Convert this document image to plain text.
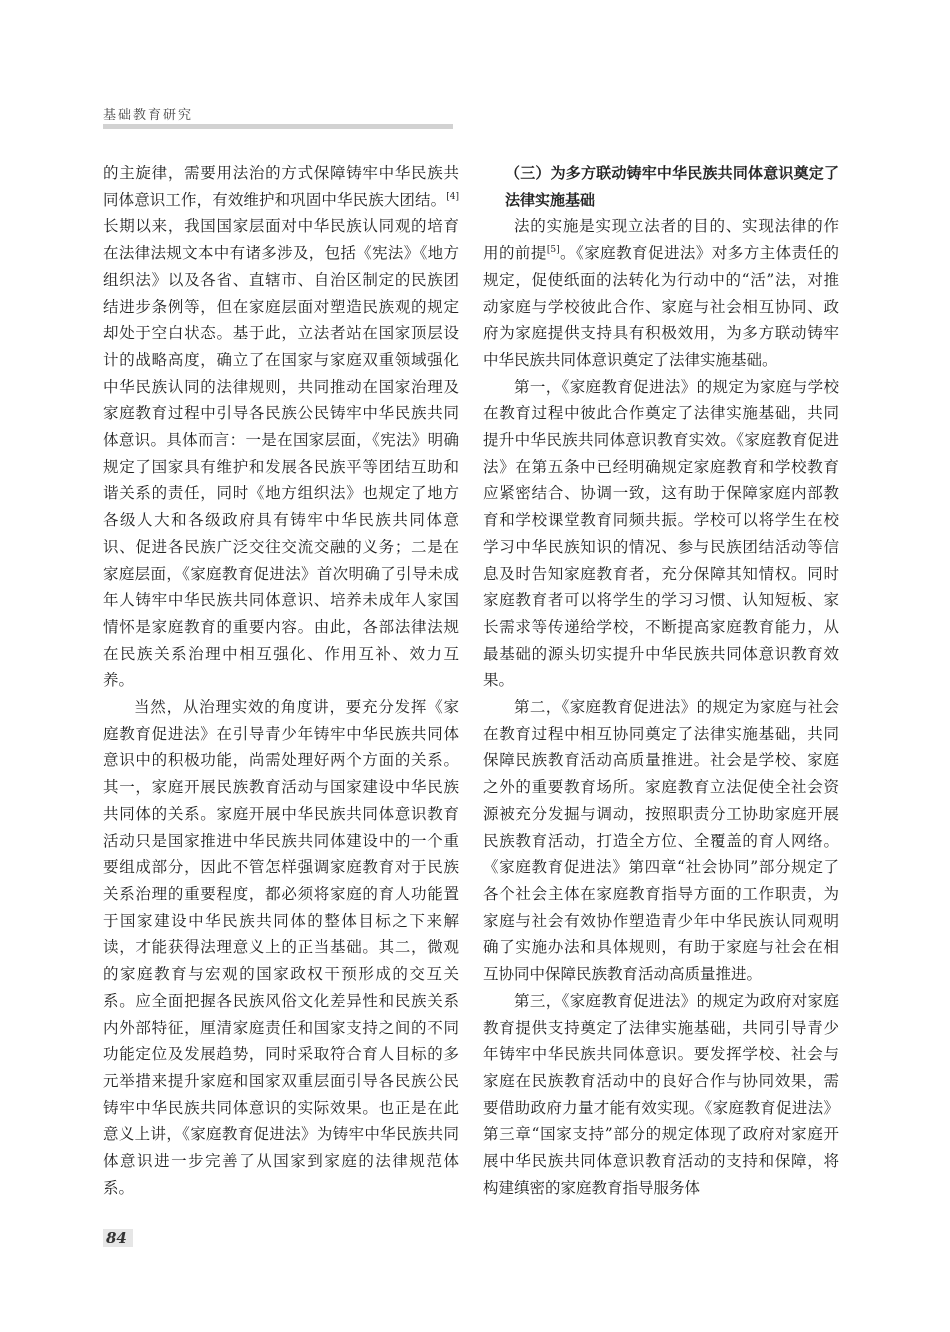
基础教育研究

的主旋律，需要用法治的方式保障铸牢中华民族共同体意识工作，有效维护和巩固中华民族大团结。[4]长期以来，我国国家层面对中华民族认同观的培育在法律法规文本中有诸多涉及，包括《宪法》《地方组织法》以及各省、直辖市、自治区制定的民族团结进步条例等，但在家庭层面对塑造民族观的规定却处于空白状态。基于此，立法者站在国家顶层设计的战略高度，确立了在国家与家庭双重领域强化中华民族认同的法律规则，共同推动在国家治理及家庭教育过程中引导各民族公民铸牢中华民族共同体意识。具体而言：一是在国家层面，《宪法》明确规定了国家具有维护和发展各民族平等团结互助和谐关系的责任，同时《地方组织法》也规定了地方各级人大和各级政府具有铸牢中华民族共同体意识、促进各民族广泛交往交流交融的义务；二是在家庭层面，《家庭教育促进法》首次明确了引导未成年人铸牢中华民族共同体意识、培养未成年人家国情怀是家庭教育的重要内容。由此，各部法律法规在民族关系治理中相互强化、作用互补、效力互养。

当然，从治理实效的角度讲，要充分发挥《家庭教育促进法》在引导青少年铸牢中华民族共同体意识中的积极功能，尚需处理好两个方面的关系。其一，家庭开展民族教育活动与国家建设中华民族共同体的关系。家庭开展中华民族共同体意识教育活动只是国家推进中华民族共同体建设中的一个重要组成部分，因此不管怎样强调家庭教育对于民族关系治理的重要程度，都必须将家庭的育人功能置于国家建设中华民族共同体的整体目标之下来解读，才能获得法理意义上的正当基础。其二，微观的家庭教育与宏观的国家政权干预形成的交互关系。应全面把握各民族风俗文化差异性和民族关系内外部特征，厘清家庭责任和国家支持之间的不同功能定位及发展趋势，同时采取符合育人目标的多元举措来提升家庭和国家双重层面引导各民族公民铸牢中华民族共同体意识的实际效果。也正是在此意义上讲，《家庭教育促进法》为铸牢中华民族共同体意识进一步完善了从国家到家庭的法律规范体系。

（三）为多方联动铸牢中华民族共同体意识奠定了法律实施基础

法的实施是实现立法者的目的、实现法律的作用的前提[5]。《家庭教育促进法》对多方主体责任的规定，促使纸面的法转化为行动中的“活”法，对推动家庭与学校彼此合作、家庭与社会相互协同、政府为家庭提供支持具有积极效用，为多方联动铸牢中华民族共同体意识奠定了法律实施基础。

第一，《家庭教育促进法》的规定为家庭与学校在教育过程中彼此合作奠定了法律实施基础，共同提升中华民族共同体意识教育实效。《家庭教育促进法》在第五条中已经明确规定家庭教育和学校教育应紧密结合、协调一致，这有助于保障家庭内部教育和学校课堂教育同频共振。学校可以将学生在校学习中华民族知识的情况、参与民族团结活动等信息及时告知家庭教育者，充分保障其知情权。同时家庭教育者可以将学生的学习习惯、认知短板、家长需求等传递给学校，不断提高家庭教育能力，从最基础的源头切实提升中华民族共同体意识教育效果。

第二，《家庭教育促进法》的规定为家庭与社会在教育过程中相互协同奠定了法律实施基础，共同保障民族教育活动高质量推进。社会是学校、家庭之外的重要教育场所。家庭教育立法促使全社会资源被充分发掘与调动，按照职责分工协助家庭开展民族教育活动，打造全方位、全覆盖的育人网络。《家庭教育促进法》第四章“社会协同”部分规定了各个社会主体在家庭教育指导方面的工作职责，为家庭与社会有效协作塑造青少年中华民族认同观明确了实施办法和具体规则，有助于家庭与社会在相互协同中保障民族教育活动高质量推进。

第三，《家庭教育促进法》的规定为政府对家庭教育提供支持奠定了法律实施基础，共同引导青少年铸牢中华民族共同体意识。要发挥学校、社会与家庭在民族教育活动中的良好合作与协同效果，需要借助政府力量才能有效实现。《家庭教育促进法》第三章“国家支持”部分的规定体现了政府对家庭开展中华民族共同体意识教育活动的支持和保障，将构建缜密的家庭教育指导服务体

84
